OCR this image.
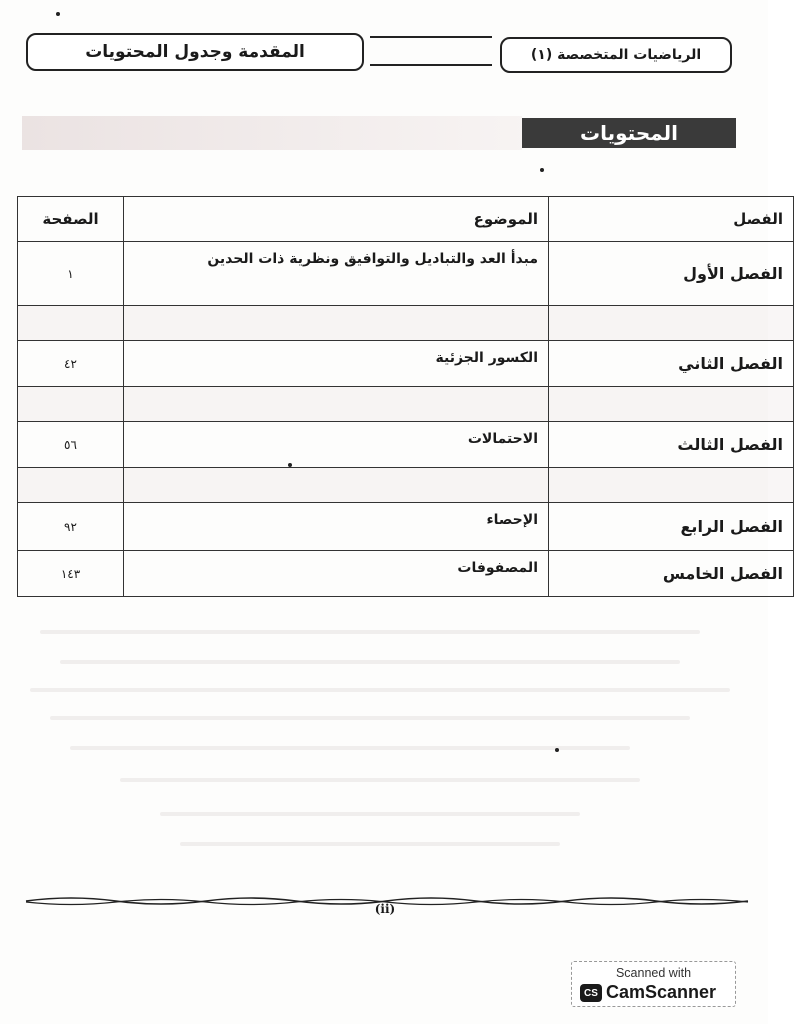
المقدمة وجدول المحتويات	الرياضيات المتخصصة (١)
المحتويات
الفصل	الموضوع	الصفحة
الفصل الأول	مبدأ العد والتباديل والتوافيق ونظرية ذات الحدين	١

الفصل الثاني	الكسور الجزئية	٤٢

الفصل الثالث	الاحتمالات	٥٦

الفصل الرابع	الإحصاء	٩٢
الفصل الخامس	المصفوفات	١٤٣
(ii)
Scanned with
CS CamScanner
